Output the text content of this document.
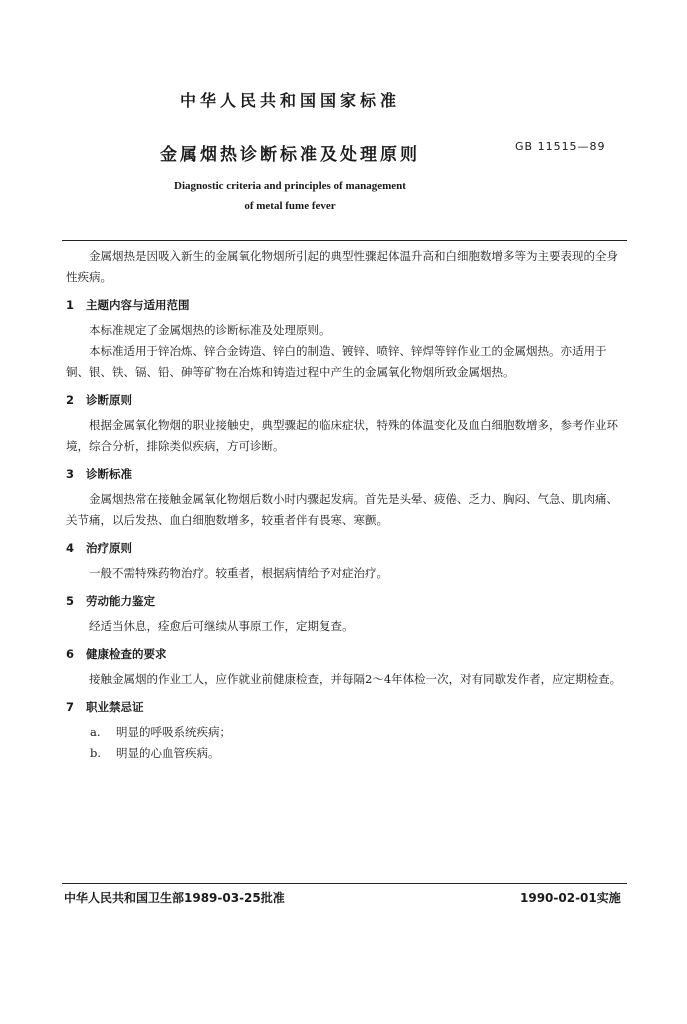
中华人民共和国国家标准
金属烟热诊断标准及处理原则	GB 11515—89
Diagnostic criteria and principles of management
of metal fume fever

金属烟热是因吸入新生的金属氧化物烟所引起的典型性骤起体温升高和白细胞数增多等为主要表现的全身性疾病。

1 主题内容与适用范围

本标准规定了金属烟热的诊断标准及处理原则。

本标准适用于锌冶炼、锌合金铸造、锌白的制造、镀锌、喷锌、锌焊等锌作业工的金属烟热。亦适用于铜、银、铁、镉、铅、砷等矿物在冶炼和铸造过程中产生的金属氧化物烟所致金属烟热。

2 诊断原则

根据金属氧化物烟的职业接触史，典型骤起的临床症状，特殊的体温变化及血白细胞数增多，参考作业环境，综合分析，排除类似疾病，方可诊断。

3 诊断标准

金属烟热常在接触金属氧化物烟后数小时内骤起发病。首先是头晕、疲倦、乏力、胸闷、气急、肌肉痛、关节痛，以后发热、血白细胞数增多，较重者伴有畏寒、寒颤。

4 治疗原则

一般不需特殊药物治疗。较重者，根据病情给予对症治疗。

5 劳动能力鉴定

经适当休息，痊愈后可继续从事原工作，定期复查。

6 健康检查的要求

接触金属烟的作业工人，应作就业前健康检查，并每隔2～4年体检一次，对有同歇发作者，应定期检查。

7 职业禁忌证

a. 明显的呼吸系统疾病；

b. 明显的心血管疾病。

中华人民共和国卫生部1989-03-25批准	1990-02-01实施
